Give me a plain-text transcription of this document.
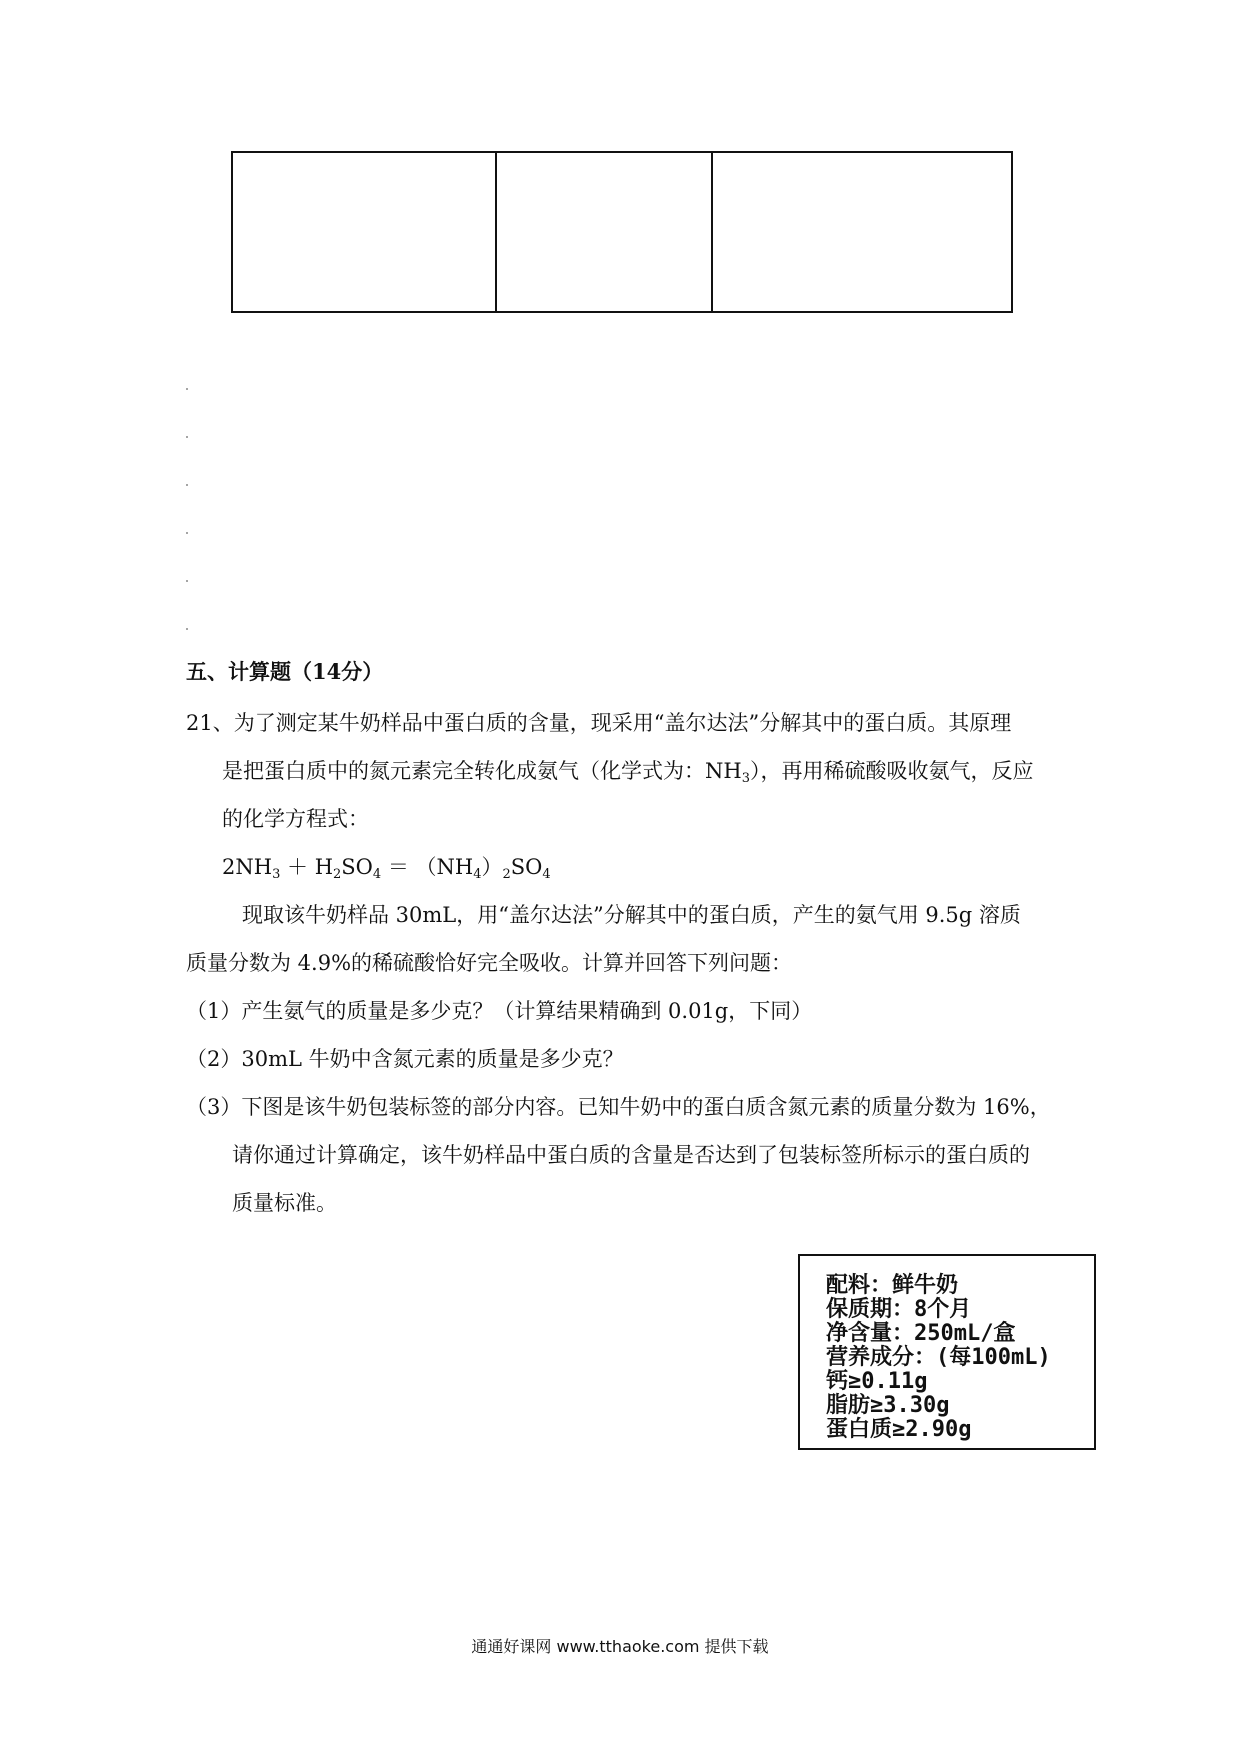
五、计算题（14分）
21、为了测定某牛奶样品中蛋白质的含量，现采用“盖尔达法”分解其中的蛋白质。其原理
是把蛋白质中的氮元素完全转化成氨气（化学式为：$NH_3$），再用稀硫酸吸收氨气，反应
的化学方程式：
$2NH_3 + H_2SO_4 = (NH_4)_2SO_4$
现取该牛奶样品 30mL，用“盖尔达法”分解其中的蛋白质，产生的氨气用 9.5g 溶质
质量分数为 4.9%的稀硫酸恰好完全吸收。计算并回答下列问题：
（1）产生氨气的质量是多少克？（计算结果精确到 0.01g，下同）
（2）30mL 牛奶中含氮元素的质量是多少克？
（3）下图是该牛奶包装标签的部分内容。已知牛奶中的蛋白质含氮元素的质量分数为 16%，
请你通过计算确定，该牛奶样品中蛋白质的含量是否达到了包装标签所标示的蛋白质的
质量标准。
配料：鲜牛奶
保质期：8个月
净含量：250mL/盒
营养成分：(每100mL)
钙≥0.11g
脂肪≥3.30g
蛋白质≥2.90g
通通好课网 www.tthaoke.com 提供下载
